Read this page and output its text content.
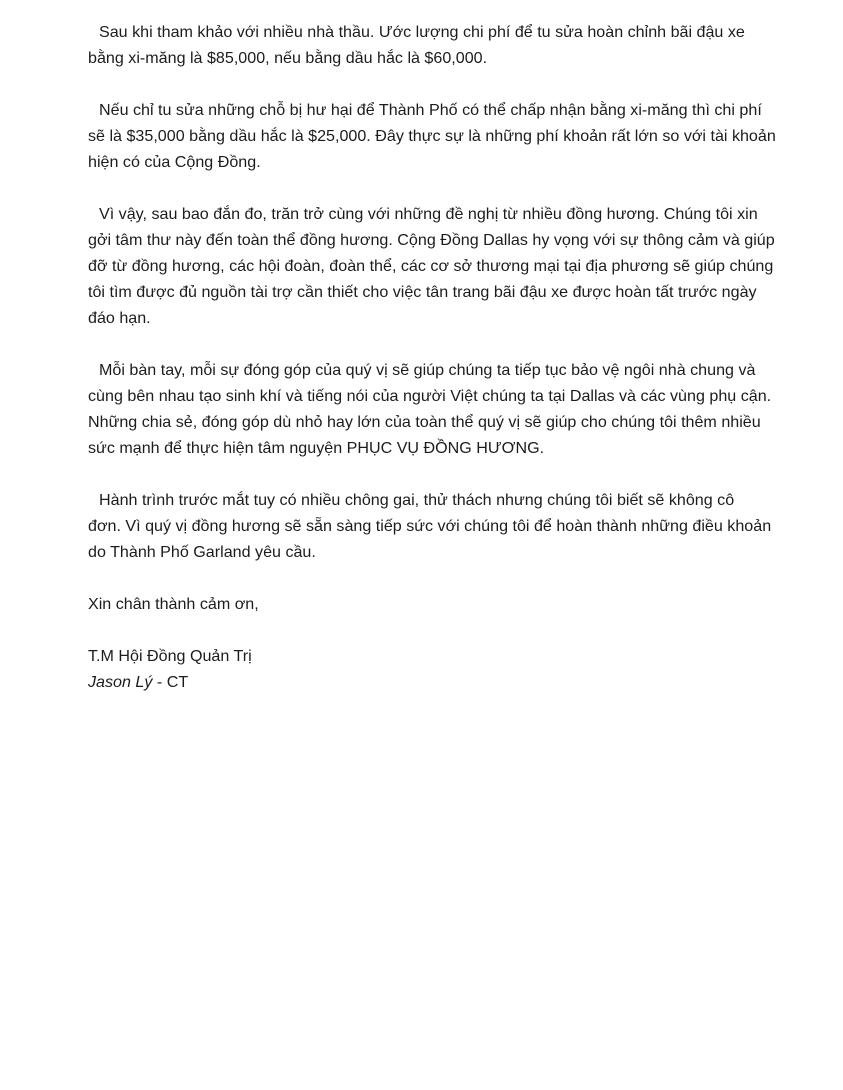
Sau khi tham khảo với nhiều nhà thầu. Ước lượng chi phí để tu sửa hoàn chỉnh bãi đậu xe
bằng xi-măng là $85,000, nếu bằng dầu hắc là $60,000.

Nếu chỉ tu sửa những chỗ bị hư hại để Thành Phố có thể chấp nhận bằng xi-măng thì chi phí
sẽ là $35,000 bằng dầu hắc là $25,000. Đây thực sự là những phí khoản rất lớn so với tài khoản
hiện có của Cộng Đồng.

Vì vậy, sau bao đắn đo, trăn trở cùng với những đề nghị từ nhiều đồng hương. Chúng tôi xin
gởi tâm thư này đến toàn thể đồng hương. Cộng Đồng Dallas hy vọng với sự thông cảm và giúp
đỡ từ đồng hương, các hội đoàn, đoàn thể, các cơ sở thương mại tại địa phương sẽ giúp chúng
tôi tìm được đủ nguồn tài trợ cần thiết cho việc tân trang bãi đậu xe được hoàn tất trước ngày
đáo hạn.

Mỗi bàn tay, mỗi sự đóng góp của quý vị sẽ giúp chúng ta tiếp tục bảo vệ ngôi nhà chung và
cùng bên nhau tạo sinh khí và tiếng nói của người Việt chúng ta tại Dallas và các vùng phụ cận.
Những chia sẻ, đóng góp dù nhỏ hay lớn của toàn thể quý vị sẽ giúp cho chúng tôi thêm nhiều
sức mạnh để thực hiện tâm nguyện PHỤC VỤ ĐỒNG HƯƠNG.

Hành trình trước mắt tuy có nhiều chông gai, thử thách nhưng chúng tôi biết sẽ không cô
đơn. Vì quý vị đồng hương sẽ sẵn sàng tiếp sức với chúng tôi để hoàn thành những điều khoản
do Thành Phố Garland yêu cầu.

Xin chân thành cảm ơn,

T.M Hội Đồng Quản Trị
Jason Lý - CT
